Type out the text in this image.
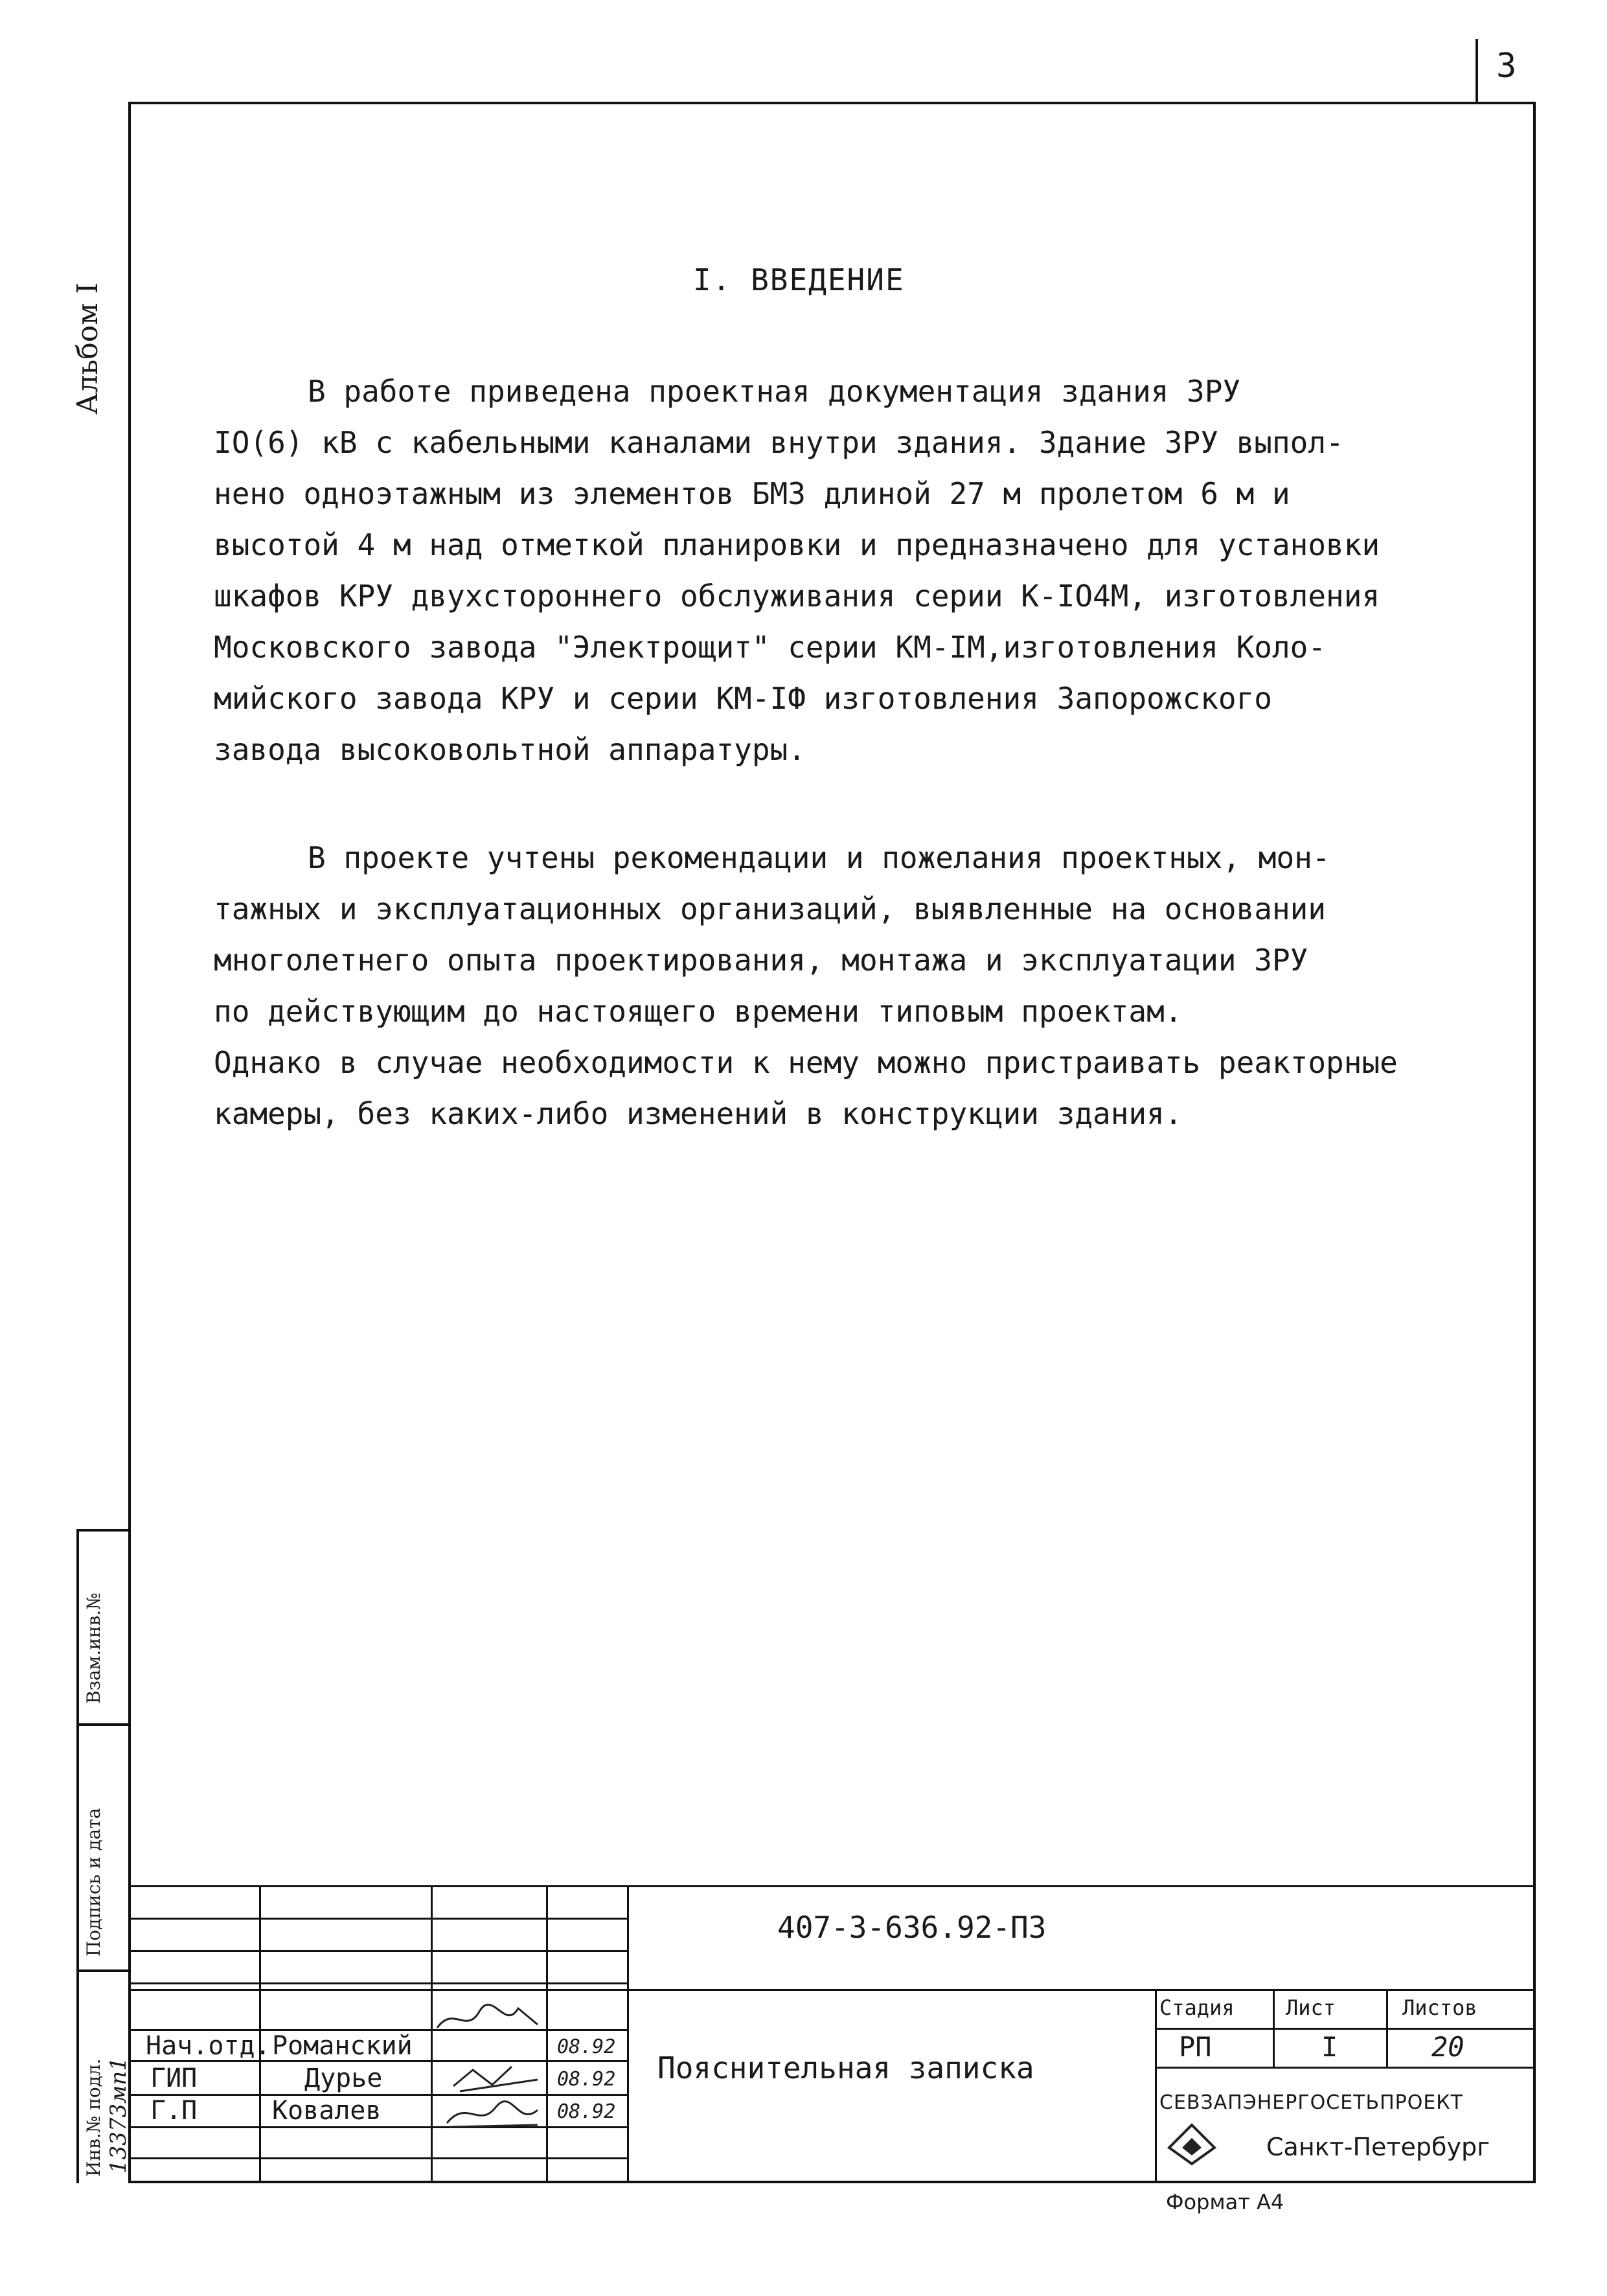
3
Альбом I
I. ВВЕДЕНИЕ
В работе приведена проектная документация здания ЗРУ
IO(6) кВ с кабельными каналами внутри здания. Здание ЗРУ выпол-
нено одноэтажным из элементов БМЗ длиной 27 м пролетом 6 м и
высотой 4 м над отметкой планировки и предназначено для установки
шкафов КРУ двухстороннего обслуживания серии К-IO4М, изготовления
Московского завода "Электрощит" серии КМ-IМ,изготовления Коло-
мийского завода КРУ и серии КМ-IФ изготовления Запорожского
завода высоковольтной аппаратуры.
В проекте учтены рекомендации и пожелания проектных, мон-
тажных и эксплуатационных организаций, выявленные на основании
многолетнего опыта проектирования, монтажа и эксплуатации ЗРУ
по действующим до настоящего времени типовым проектам.
Однако в случае необходимости к нему можно пристраивать реакторные
камеры, без каких-либо изменений в конструкции здания.
Взам.инв.№
Подпись и дата
Инв.№ подл. 13373мп1
407-3-636.92-ПЗ
Пояснительная записка
Нач.отд. Романский	08.92
ГИП	Дурье	08.92
Г.П	Ковалев	08.92
Стадия Лист	Листов
РП	I	20
СЕВЗАПЭНЕРГОСЕТЬПРОЕКТ
Санкт-Петербург
Формат А4
